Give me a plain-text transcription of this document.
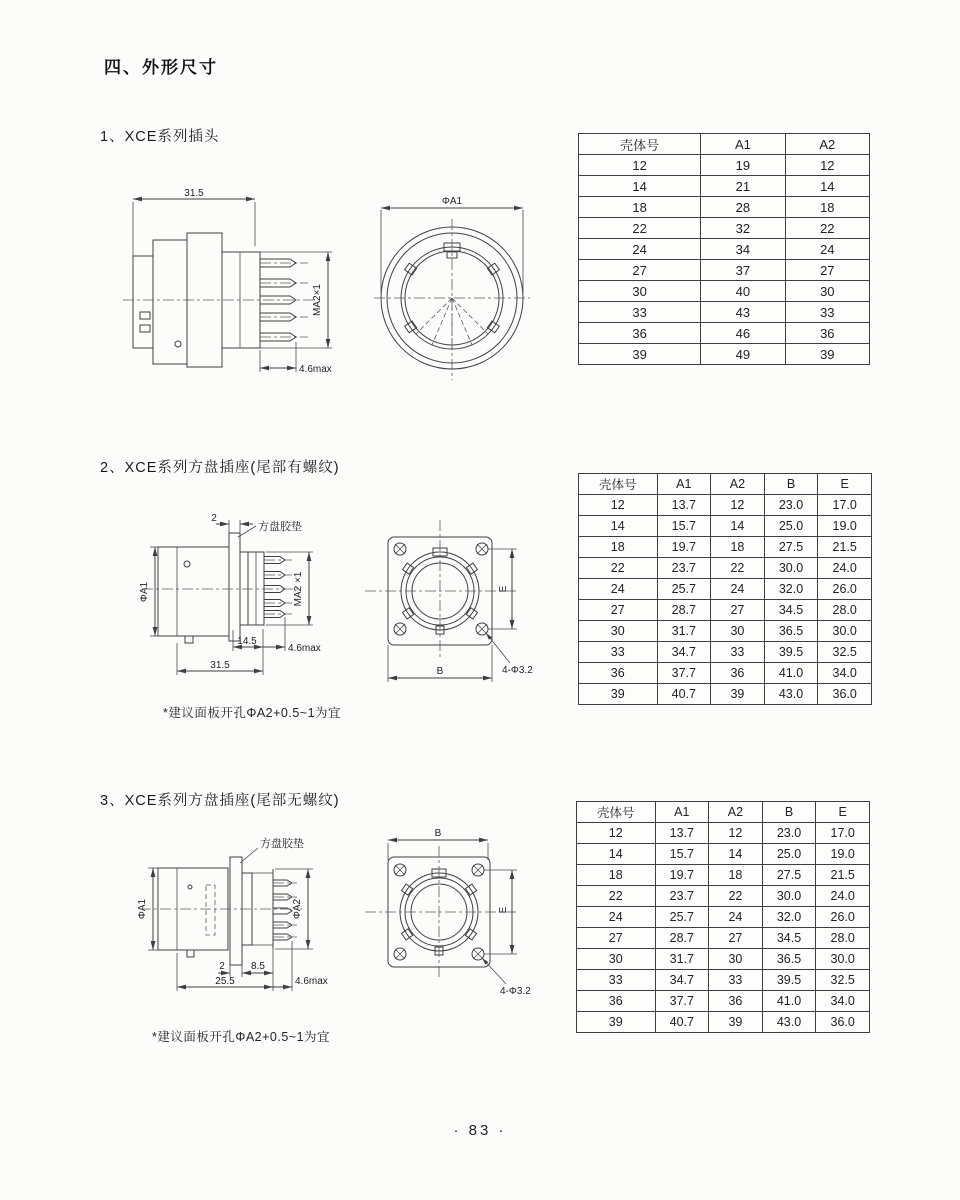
四、外形尺寸
1、XCE系列插头
31.5
MA2×1
4.6max
ΦA1
壳体号	A1	A2
12	19	12
14	21	14
18	28	18
22	32	22
24	34	24
27	37	27
30	40	30
33	43	33
36	46	36
39	49	39
2、XCE系列方盘插座(尾部有螺纹)
ΦA1
2
方盘胶垫
MA2 ×1
14.5
4.6max
31.5
E
B	4-Φ3.2
壳体号	A1	A2	B	E
12	13.7	12	23.0	17.0
14	15.7	14	25.0	19.0
18	19.7	18	27.5	21.5
22	23.7	22	30.0	24.0
24	25.7	24	32.0	26.0
27	28.7	27	34.5	28.0
30	31.7	30	36.5	30.0
33	34.7	33	39.5	32.5
36	37.7	36	41.0	34.0
39	40.7	39	43.0	36.0
*建议面板开孔ΦA2+0.5~1为宜
3、XCE系列方盘插座(尾部无螺纹)
ΦA1
方盘胶垫
ΦA2
2	8.5
25.5	4.6max
B
E
4-Φ3.2
壳体号	A1	A2	B	E
12	13.7	12	23.0	17.0
14	15.7	14	25.0	19.0
18	19.7	18	27.5	21.5
22	23.7	22	30.0	24.0
24	25.7	24	32.0	26.0
27	28.7	27	34.5	28.0
30	31.7	30	36.5	30.0
33	34.7	33	39.5	32.5
36	37.7	36	41.0	34.0
39	40.7	39	43.0	36.0
*建议面板开孔ΦA2+0.5~1为宜
· 83 ·
